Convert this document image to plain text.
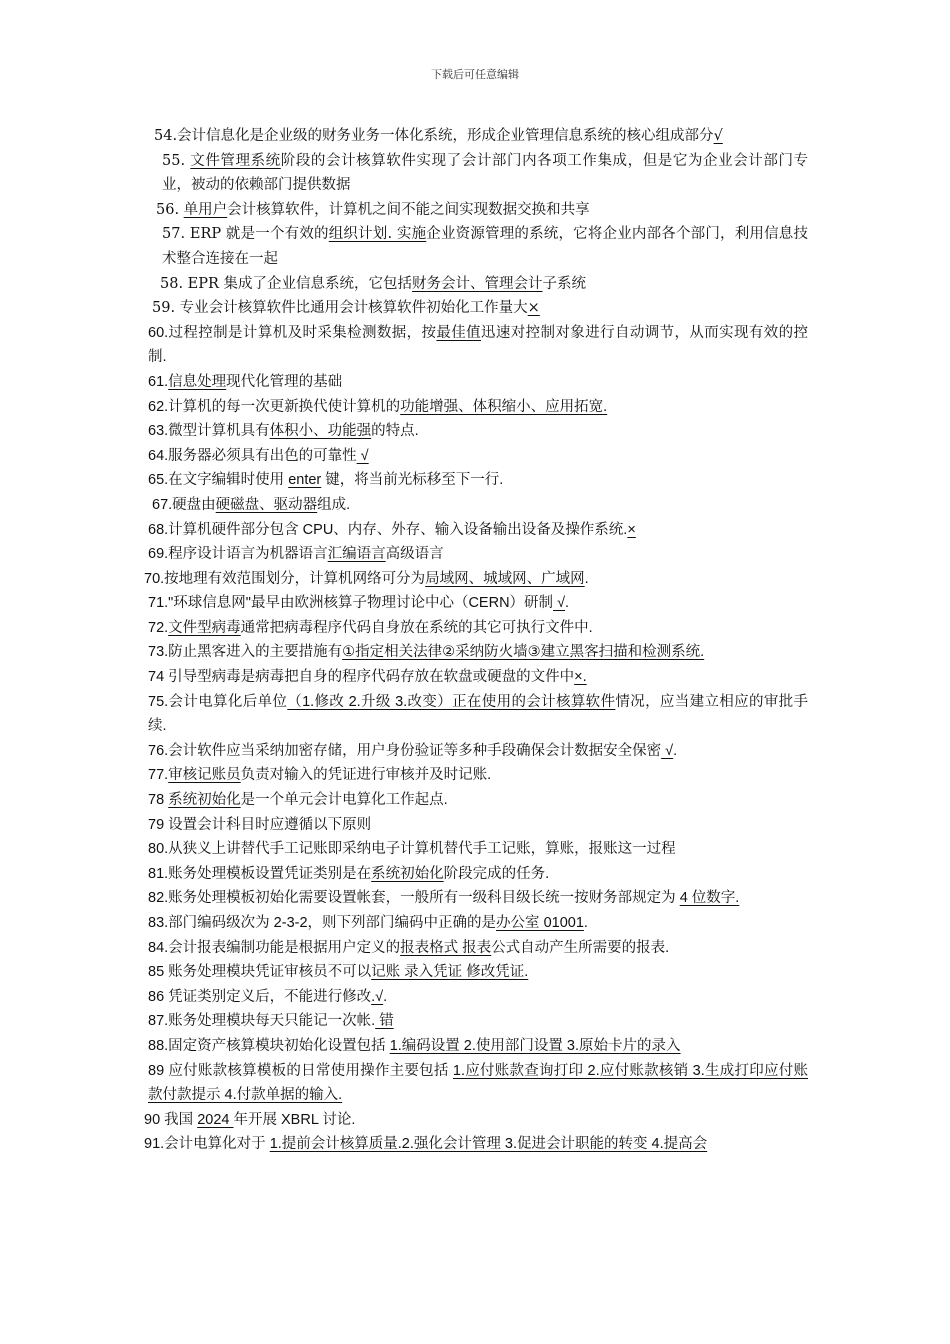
下载后可任意编辑

54.会计信息化是企业级的财务业务一体化系统，形成企业管理信息系统的核心组成部分√

55. 文件管理系统阶段的会计核算软件实现了会计部门内各项工作集成，但是它为企业会计部门专业，被动的依赖部门提供数据

56. 单用户会计核算软件，计算机之间不能之间实现数据交换和共享

57. ERP 就是一个有效的组织计划. 实施企业资源管理的系统，它将企业内部各个部门，利用信息技术整合连接在一起

58. EPR 集成了企业信息系统，它包括财务会计、管理会计子系统

59. 专业会计核算软件比通用会计核算软件初始化工作量大×

60.过程控制是计算机及时采集检测数据，按最佳值迅速对控制对象进行自动调节，从而实现有效的控制.

61.信息处理现代化管理的基础

62.计算机的每一次更新换代使计算机的功能增强、体积缩小、应用拓宽.

63.微型计算机具有体积小、功能强的特点.

64.服务器必须具有出色的可靠性 √

65.在文字编辑时使用 enter 键，将当前光标移至下一行.

67.硬盘由硬磁盘、驱动器组成.

68.计算机硬件部分包含 CPU、内存、外存、输入设备输出设备及操作系统.×

69.程序设计语言为机器语言汇编语言高级语言

70.按地理有效范围划分，计算机网络可分为局域网、城域网、广域网.

71."环球信息网"最早由欧洲核算子物理讨论中心（CERN）研制 √.

72.文件型病毒通常把病毒程序代码自身放在系统的其它可执行文件中.

73.防止黑客进入的主要措施有①指定相关法律②采纳防火墙③建立黑客扫描和检测系统.

74 引导型病毒是病毒把自身的程序代码存放在软盘或硬盘的文件中×.

75.会计电算化后单位（1.修改 2.升级 3.改变）正在使用的会计核算软件情况，应当建立相应的审批手续.

76.会计软件应当采纳加密存储，用户身份验证等多种手段确保会计数据安全保密 √.

77.审核记账员负责对输入的凭证进行审核并及时记账.

78 系统初始化是一个单元会计电算化工作起点.

79 设置会计科目时应遵循以下原则

80.从狭义上讲替代手工记账即采纳电子计算机替代手工记账，算账，报账这一过程

81.账务处理模板设置凭证类别是在系统初始化阶段完成的任务.

82.账务处理模板初始化需要设置帐套，一般所有一级科目级长统一按财务部规定为 4 位数字.

83.部门编码级次为 2-3-2，则下列部门编码中正确的是办公室 01001.

84.会计报表编制功能是根据用户定义的报表格式 报表公式自动产生所需要的报表.

85 账务处理模块凭证审核员不可以记账 录入凭证 修改凭证.

86 凭证类别定义后，不能进行修改.√.

87.账务处理模块每天只能记一次帐. 错

88.固定资产核算模块初始化设置包括 1.编码设置 2.使用部门设置 3.原始卡片的录入

89 应付账款核算模板的日常使用操作主要包括 1.应付账款查询打印 2.应付账款核销 3.生成打印应付账款付款提示 4.付款单据的输入.

90 我国 2024 年开展 XBRL 讨论.

91.会计电算化对于 1.提前会计核算质量.2.强化会计管理 3.促进会计职能的转变 4.提高会
